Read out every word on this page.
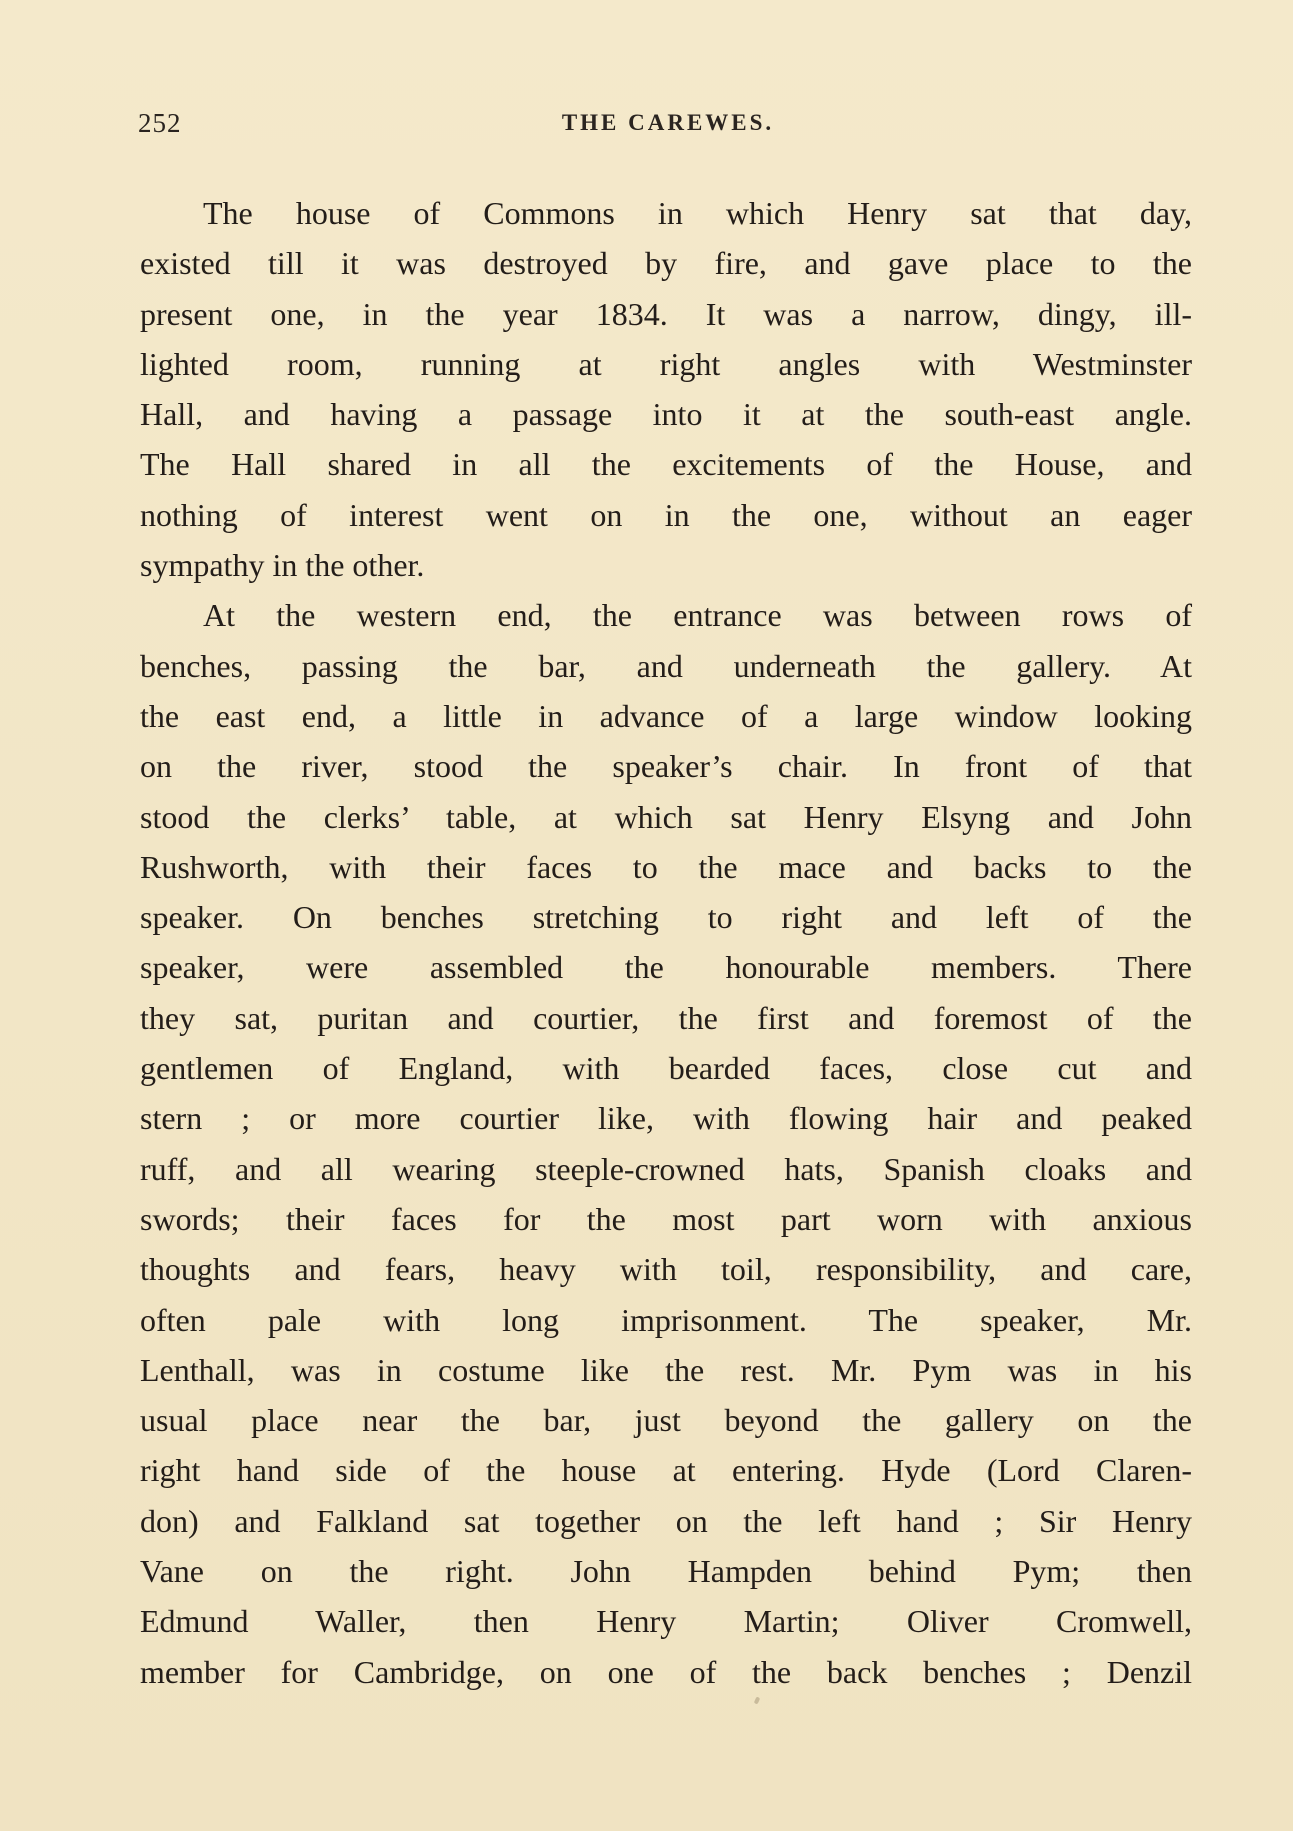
252	THE CAREWES.
The house of Commons in which Henry sat that day,
existed till it was destroyed by fire, and gave place to the
present one, in the year 1834. It was a narrow, dingy, ill-
lighted room, running at right angles with Westminster
Hall, and having a passage into it at the south-east angle.
The Hall shared in all the excitements of the House, and
nothing of interest went on in the one, without an eager
sympathy in the other.
At the western end, the entrance was between rows of
benches, passing the bar, and underneath the gallery. At
the east end, a little in advance of a large window looking
on the river, stood the speaker’s chair. In front of that
stood the clerks’ table, at which sat Henry Elsyng and John
Rushworth, with their faces to the mace and backs to the
speaker. On benches stretching to right and left of the
speaker, were assembled the honourable members. There
they sat, puritan and courtier, the first and foremost of the
gentlemen of England, with bearded faces, close cut and
stern ; or more courtier like, with flowing hair and peaked
ruff, and all wearing steeple-crowned hats, Spanish cloaks and
swords; their faces for the most part worn with anxious
thoughts and fears, heavy with toil, responsibility, and care,
often pale with long imprisonment. The speaker, Mr.
Lenthall, was in costume like the rest. Mr. Pym was in his
usual place near the bar, just beyond the gallery on the
right hand side of the house at entering. Hyde (Lord Claren-
don) and Falkland sat together on the left hand ; Sir Henry
Vane on the right. John Hampden behind Pym; then
Edmund Waller, then Henry Martin; Oliver Cromwell,
member for Cambridge, on one of the back benches ; Denzil
